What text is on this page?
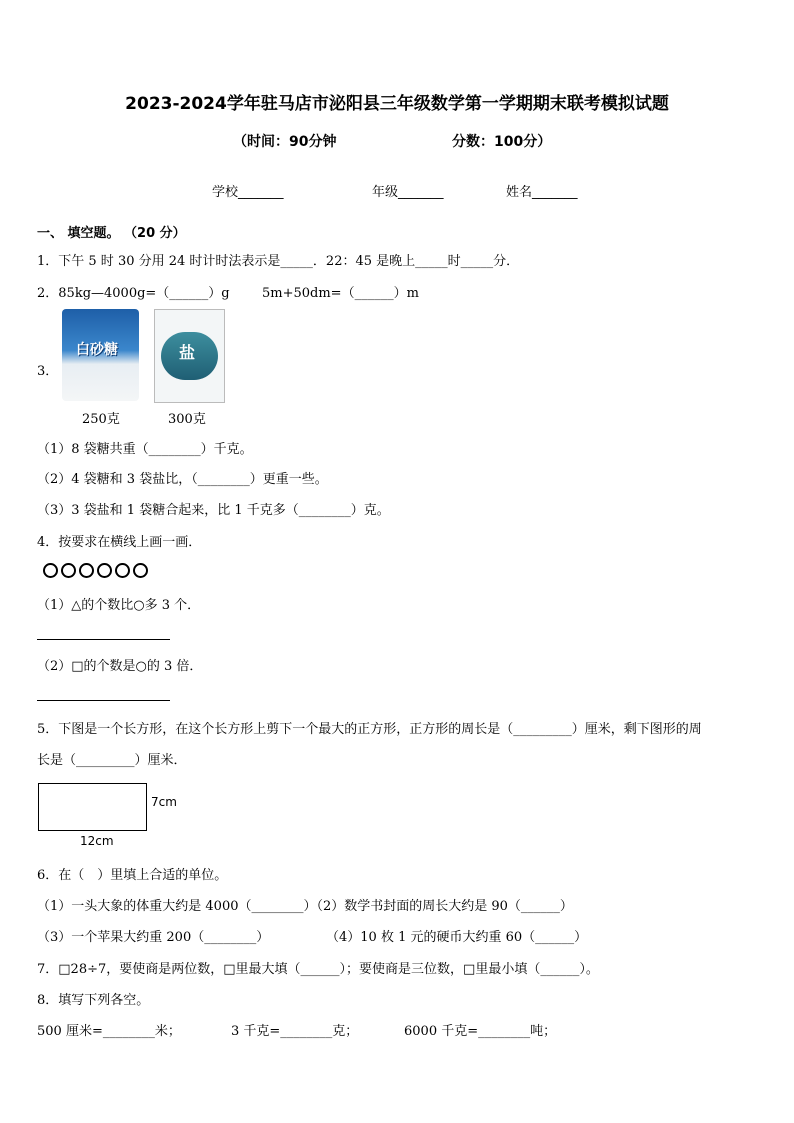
2023-2024学年驻马店市泌阳县三年级数学第一学期期末联考模拟试题
（时间：90分钟	分数：100分）
学校_______	年级_______	姓名_______
一、 填空题。 （20 分）
1．下午 5 时 30 分用 24 时计时法表示是_____．22：45 是晚上_____时_____分．
2．85kg—4000g=（______）g 5m+50dm=（______）m
3．
白砂糖	盐
250克	300克
（1）8 袋糖共重（________）千克。
（2）4 袋糖和 3 袋盐比，（________）更重一些。
（3）3 袋盐和 1 袋糖合起来，比 1 千克多（________）克。
4．按要求在横线上画一画．
（1）△的个数比○多 3 个．
（2）□的个数是○的 3 倍．
5．下图是一个长方形，在这个长方形上剪下一个最大的正方形，正方形的周长是（_________）厘米，剩下图形的周
长是（_________）厘米．
7cm
12cm
6．在（　）里填上合适的单位。
（1）一头大象的体重大约是 4000（________）（2）数学书封面的周长大约是 90（______）
（3）一个苹果大约重 200（________）	（4）10 枚 1 元的硬币大约重 60（______）
7．□28÷7，要使商是两位数，□里最大填（______）；要使商是三位数，□里最小填（______）。
8．填写下列各空。
500 厘米=________米；	3 千克=________克；	6000 千克=________吨；
